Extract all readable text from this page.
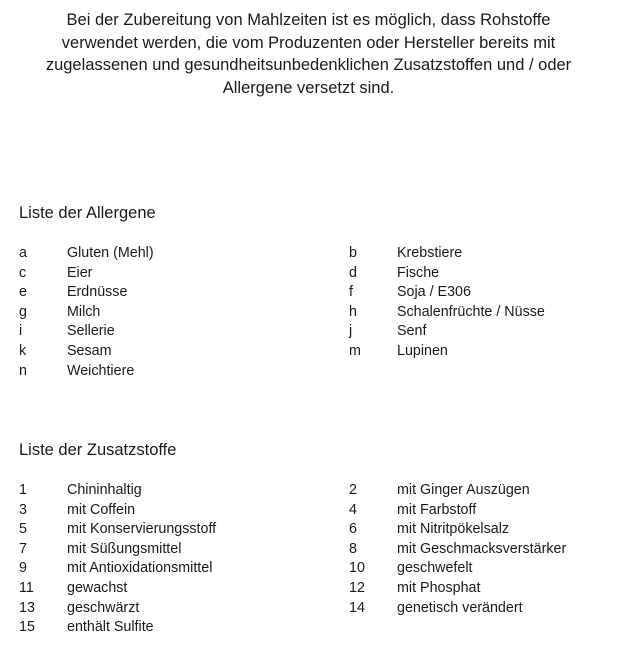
Bei der Zubereitung von Mahlzeiten ist es möglich, dass Rohstoffe verwendet werden, die vom Produzenten oder Hersteller bereits mit zugelassenen und gesundheitsunbedenklichen Zusatzstoffen und / oder Allergene versetzt sind.

Liste der Allergene
a	Gluten (Mehl)	b	Krebstiere
c	Eier	d	Fische
e	Erdnüsse	f	Soja / E306
g	Milch	h	Schalenfrüchte / Nüsse
i	Sellerie	j	Senf
k	Sesam	m	Lupinen
n	Weichtiere
Liste der Zusatzstoffe
1	Chininhaltig	2	mit Ginger Auszügen
3	mit Coffein	4	mit Farbstoff
5	mit Konservierungsstoff	6	mit Nitritpökelsalz
7	mit Süßungsmittel	8	mit Geschmacksverstärker
9	mit Antioxidationsmittel	10	geschwefelt
11	gewachst	12	mit Phosphat
13	geschwärzt	14	genetisch verändert
15	enthält Sulfite
